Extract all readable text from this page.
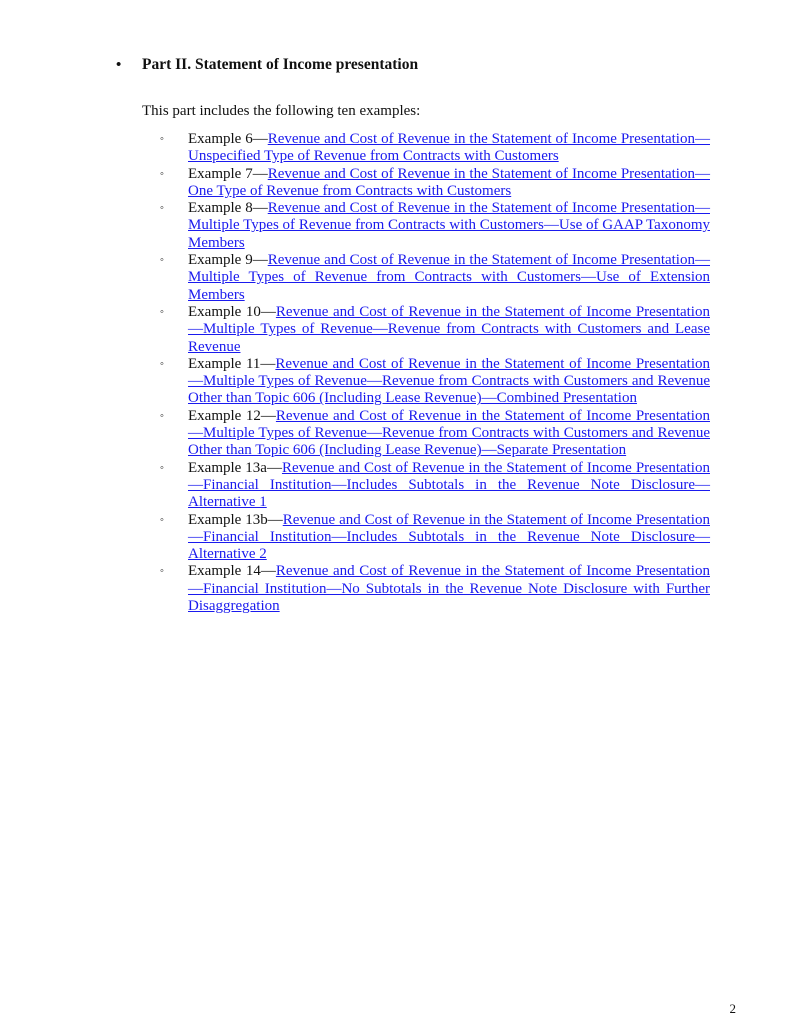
• Part II. Statement of Income presentation
This part includes the following ten examples:
◦ Example 6—Revenue and Cost of Revenue in the Statement of Income Presentation—Unspecified Type of Revenue from Contracts with Customers
◦ Example 7—Revenue and Cost of Revenue in the Statement of Income Presentation—One Type of Revenue from Contracts with Customers
◦ Example 8—Revenue and Cost of Revenue in the Statement of Income Presentation—Multiple Types of Revenue from Contracts with Customers—Use of GAAP Taxonomy Members
◦ Example 9—Revenue and Cost of Revenue in the Statement of Income Presentation—Multiple Types of Revenue from Contracts with Customers—Use of Extension Members
◦ Example 10—Revenue and Cost of Revenue in the Statement of Income Presentation—Multiple Types of Revenue—Revenue from Contracts with Customers and Lease Revenue
◦ Example 11—Revenue and Cost of Revenue in the Statement of Income Presentation—Multiple Types of Revenue—Revenue from Contracts with Customers and Revenue Other than Topic 606 (Including Lease Revenue)—Combined Presentation
◦ Example 12—Revenue and Cost of Revenue in the Statement of Income Presentation—Multiple Types of Revenue—Revenue from Contracts with Customers and Revenue Other than Topic 606 (Including Lease Revenue)—Separate Presentation
◦ Example 13a—Revenue and Cost of Revenue in the Statement of Income Presentation—Financial Institution—Includes Subtotals in the Revenue Note Disclosure—Alternative 1
◦ Example 13b—Revenue and Cost of Revenue in the Statement of Income Presentation—Financial Institution—Includes Subtotals in the Revenue Note Disclosure—Alternative 2
◦ Example 14—Revenue and Cost of Revenue in the Statement of Income Presentation—Financial Institution—No Subtotals in the Revenue Note Disclosure with Further Disaggregation
2
